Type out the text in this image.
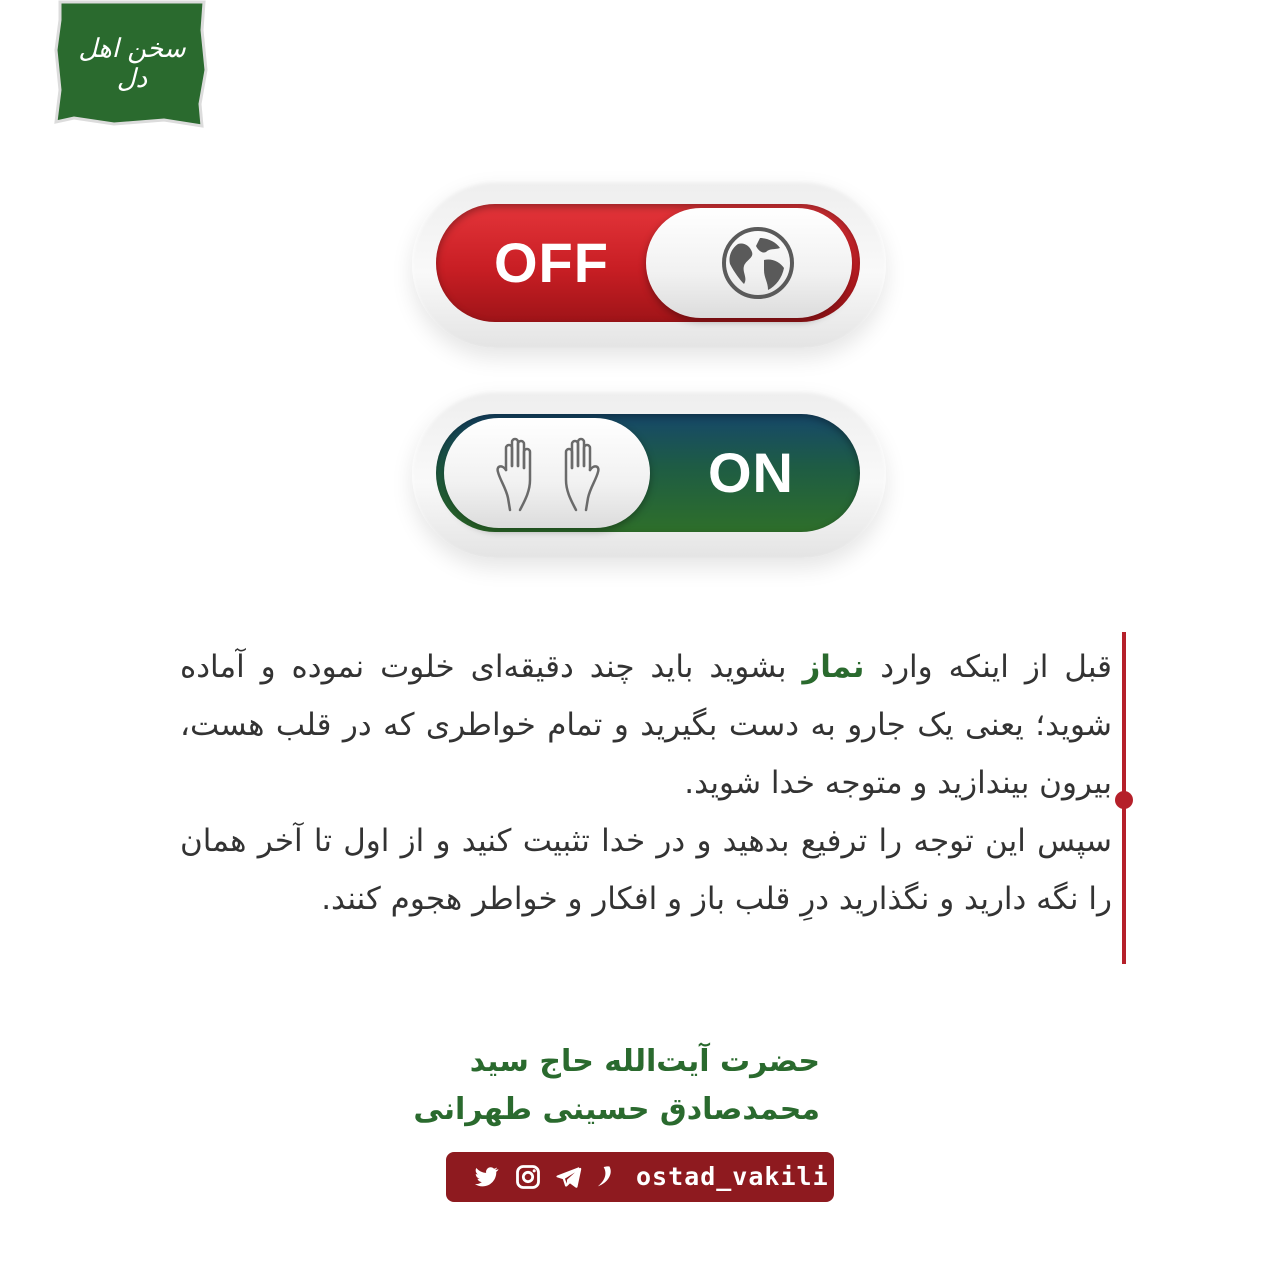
سخن اهل دل
OFF
ON
قبل از اینکه وارد نماز بشوید باید چند دقیقه‌ای خلوت نموده و آماده شوید؛ یعنی یک جارو به دست بگیرید و تمام خواطری که در قلب هست، بیرون بیندازید و متوجه خدا شوید.
سپس این توجه را ترفیع بدهید و در خدا تثبیت کنید و از اول تا آخر همان را نگه دارید و نگذارید درِ قلب باز و افکار و خواطر هجوم کنند.
حضرت آیت‌الله حاج سید
محمدصادق حسینی طهرانی
ostad_vakili
